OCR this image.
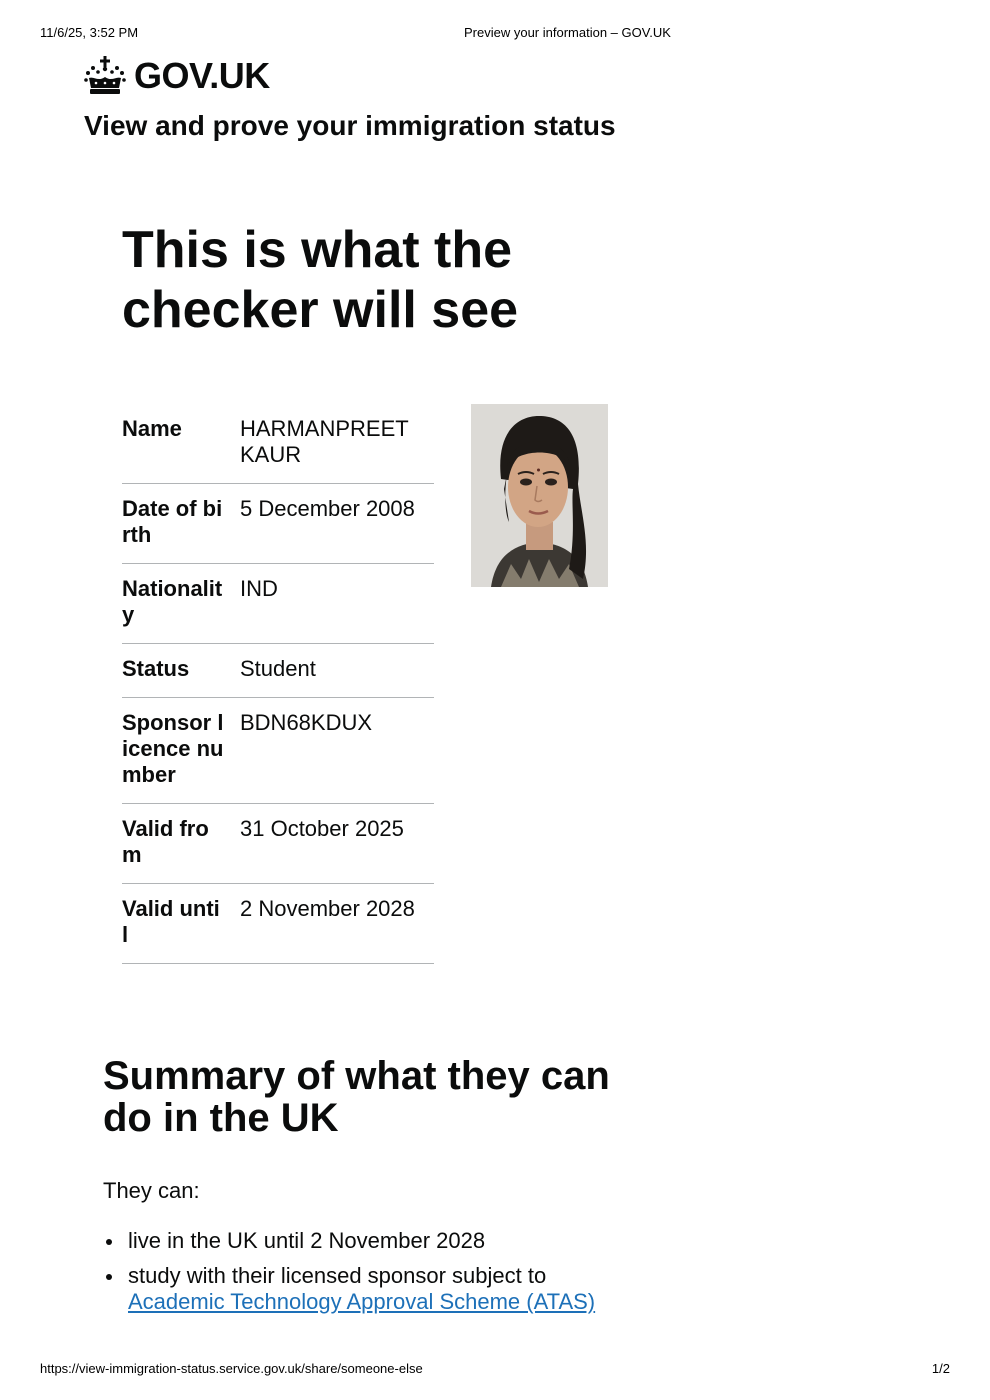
11/6/25, 3:52 PM	Preview your information – GOV.UK
GOV.UK
View and prove your immigration status
This is what the checker will see
Name	HARMANPREET KAUR
Date of birth	5 December 2008
Nationality	IND
Status	Student
Sponsor licence number	BDN68KDUX
Valid from	31 October 2025
Valid until	2 November 2028
Summary of what they can do in the UK

They can:

live in the UK until 2 November 2028
study with their licensed sponsor subject to
Academic Technology Approval Scheme (ATAS)
https://view-immigration-status.service.gov.uk/share/someone-else	1/2
